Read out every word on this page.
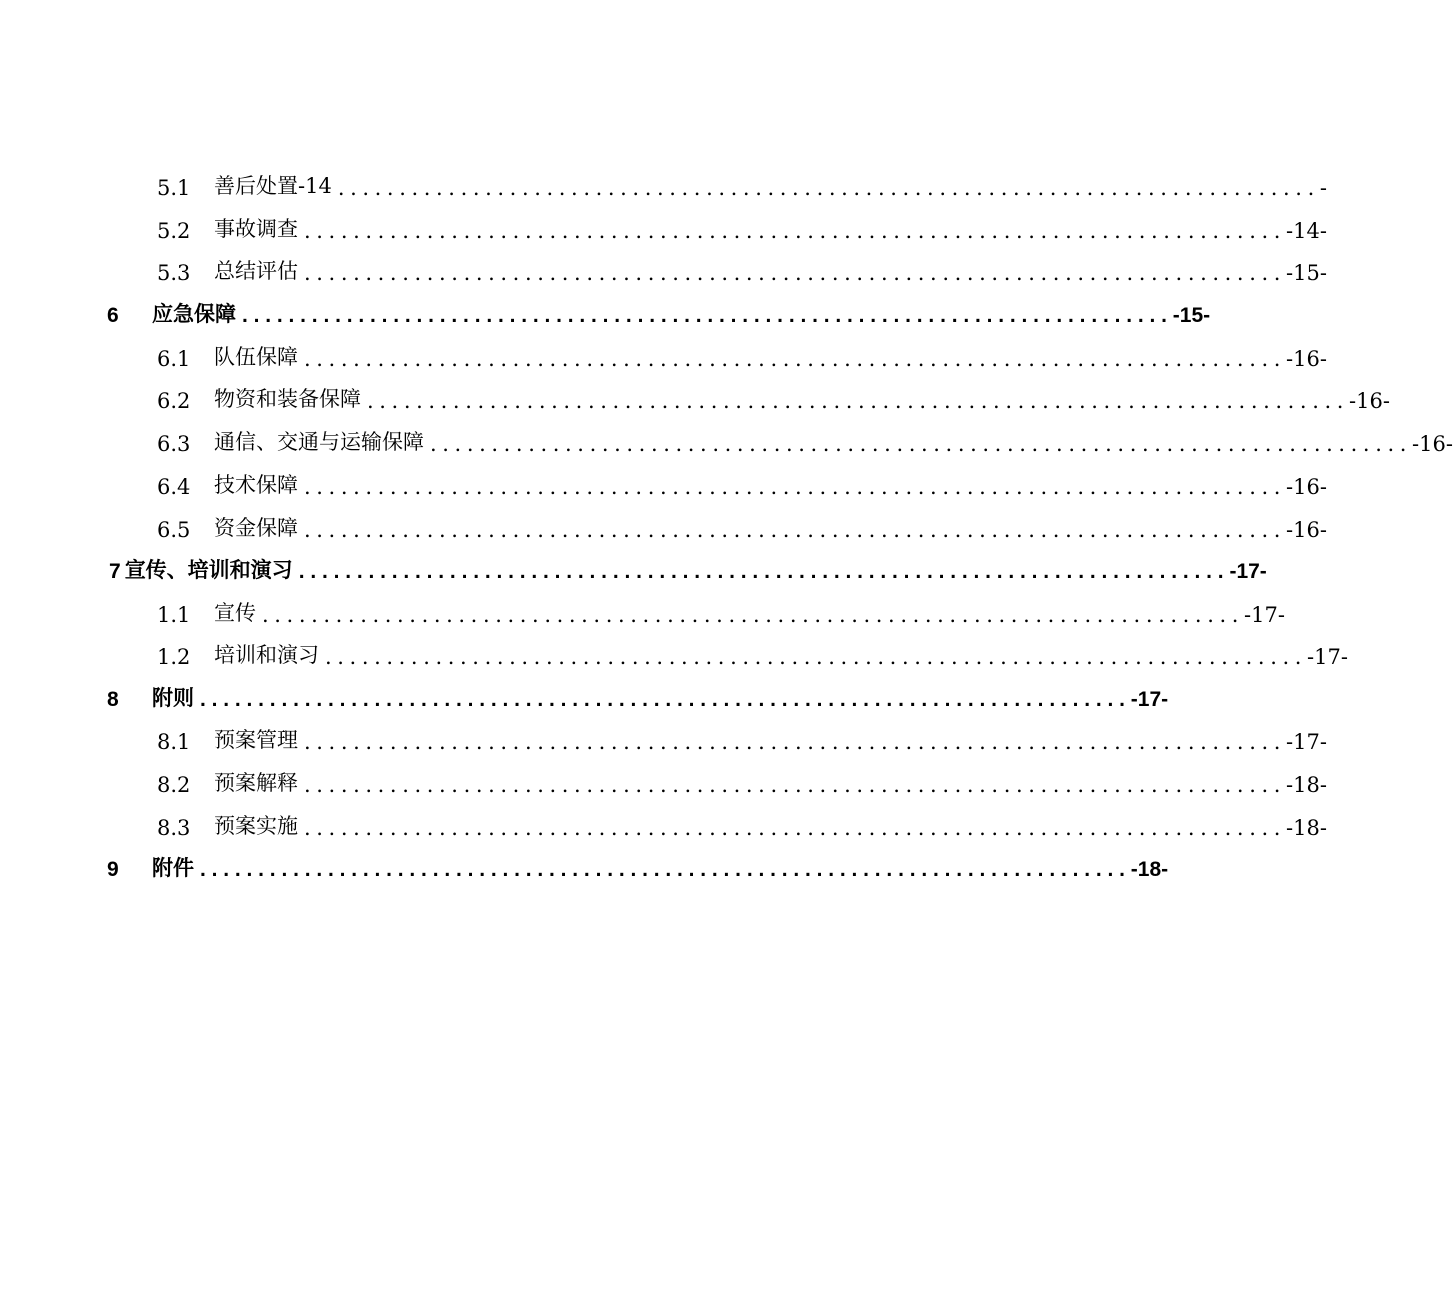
5.1	善后处置-14 ................................................................................ -
5.2	事故调查 ................................................................................ -14-
5.3	总结评估 ................................................................................ -15-
6	应急保障 ................................................................................ -15-
6.1	队伍保障 ................................................................................ -16-
6.2	物资和装备保障 ................................................................................ -16-
6.3	通信、交通与运输保障 ................................................................................ -16-
6.4	技术保障 ................................................................................ -16-
6.5	资金保障 ................................................................................ -16-
7 宣传、培训和演习 ................................................................................ -17-
1.1	宣传 ................................................................................ -17-
1.2	培训和演习 ................................................................................ -17-
8	附则 ................................................................................ -17-
8.1	预案管理 ................................................................................ -17-
8.2	预案解释 ................................................................................ -18-
8.3	预案实施 ................................................................................ -18-
9	附件 ................................................................................ -18-
